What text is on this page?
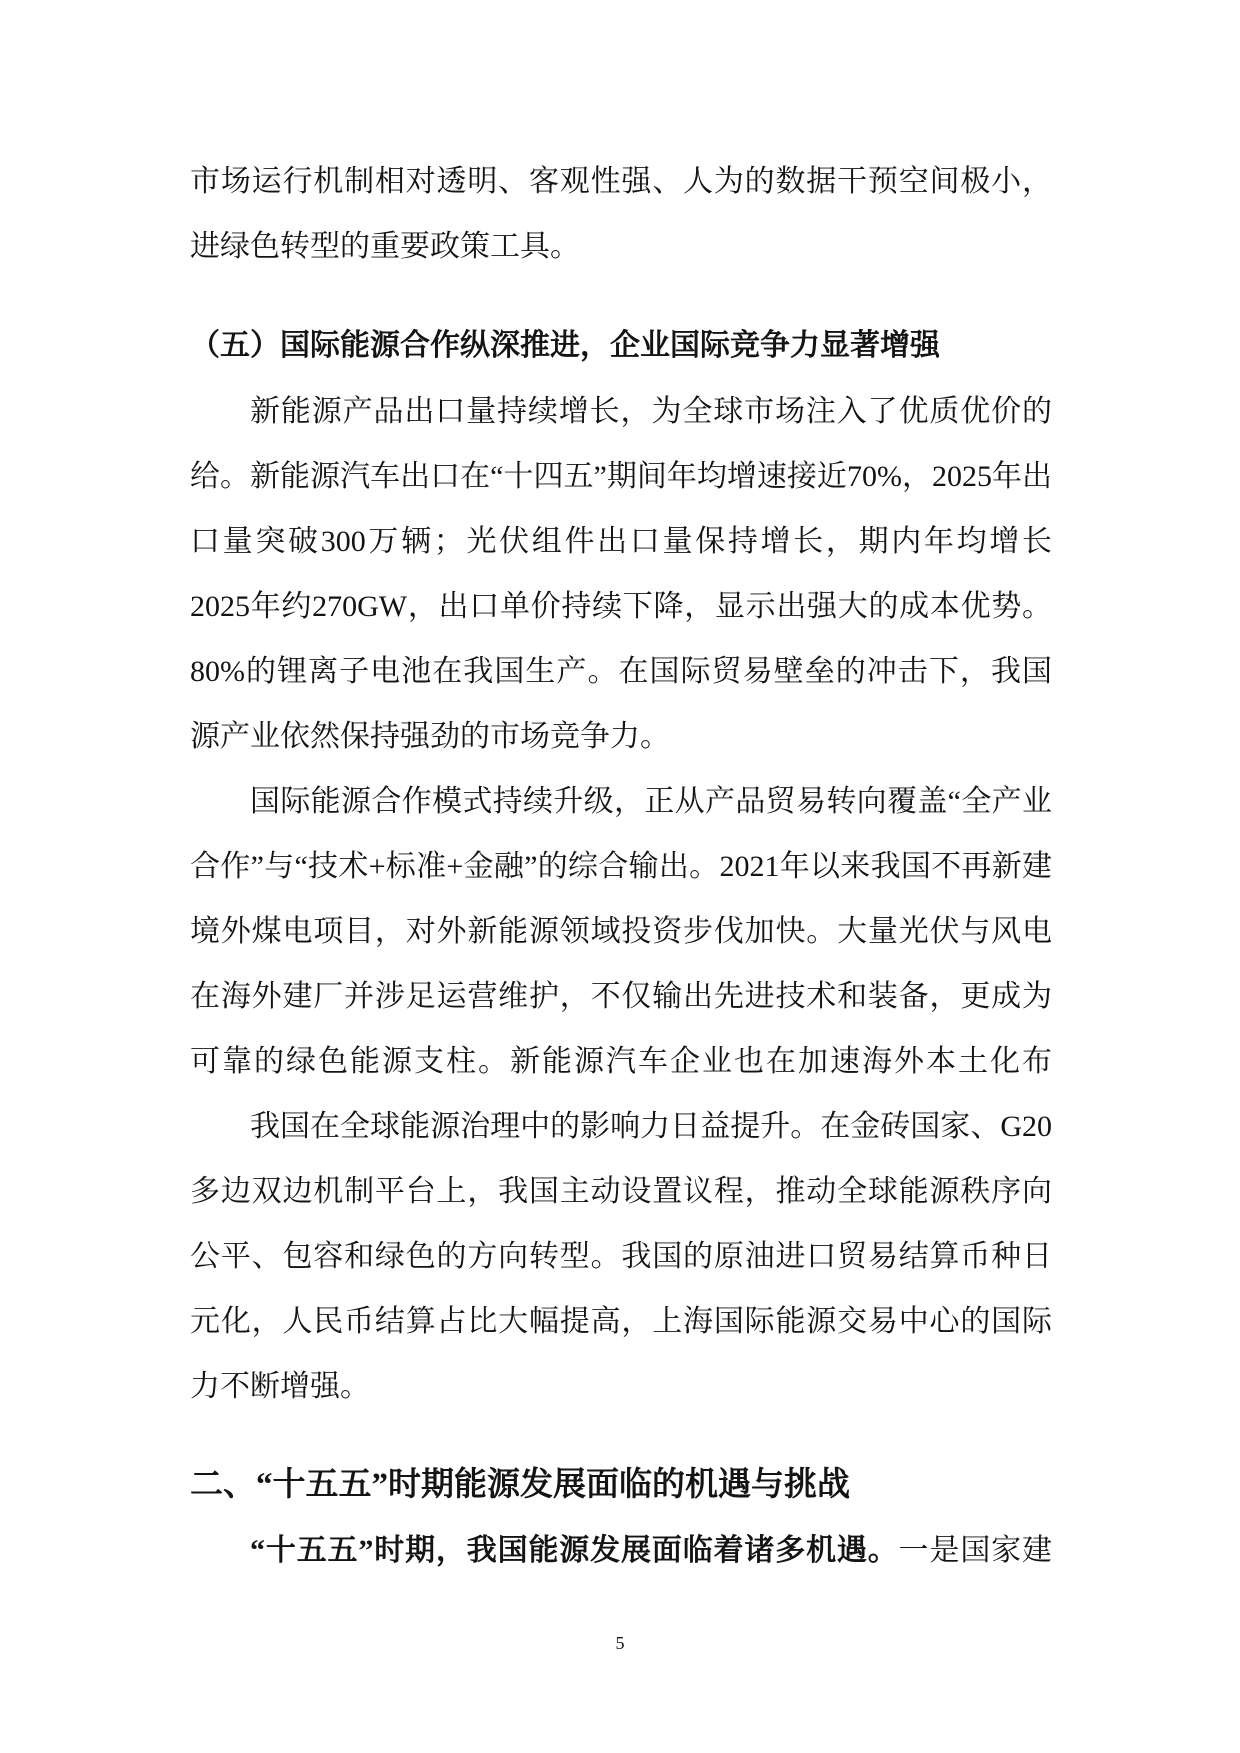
市场运行机制相对透明、客观性强、人为的数据干预空间极小，
进绿色转型的重要政策工具。
（五）国际能源合作纵深推进，企业国际竞争力显著增强
新能源产品出口量持续增长，为全球市场注入了优质优价的
给。新能源汽车出口在“十四五”期间年均增速接近70%，2025年出
口量突破300万辆；光伏组件出口量保持增长，期内年均增长
2025年约270GW，出口单价持续下降，显示出强大的成本优势。
80%的锂离子电池在我国生产。在国际贸易壁垒的冲击下，我国
源产业依然保持强劲的市场竞争力。
国际能源合作模式持续升级，正从产品贸易转向覆盖“全产业
合作”与“技术+标准+金融”的综合输出。2021年以来我国不再新建
境外煤电项目，对外新能源领域投资步伐加快。大量光伏与风电
在海外建厂并涉足运营维护，不仅输出先进技术和装备，更成为
可靠的绿色能源支柱。新能源汽车企业也在加速海外本土化布
我国在全球能源治理中的影响力日益提升。在金砖国家、G20
多边双边机制平台上，我国主动设置议程，推动全球能源秩序向
公平、包容和绿色的方向转型。我国的原油进口贸易结算币种日
元化，人民币结算占比大幅提高，上海国际能源交易中心的国际
力不断增强。
二、“十五五”时期能源发展面临的机遇与挑战
“十五五”时期，我国能源发展面临着诸多机遇。一是国家建
5
